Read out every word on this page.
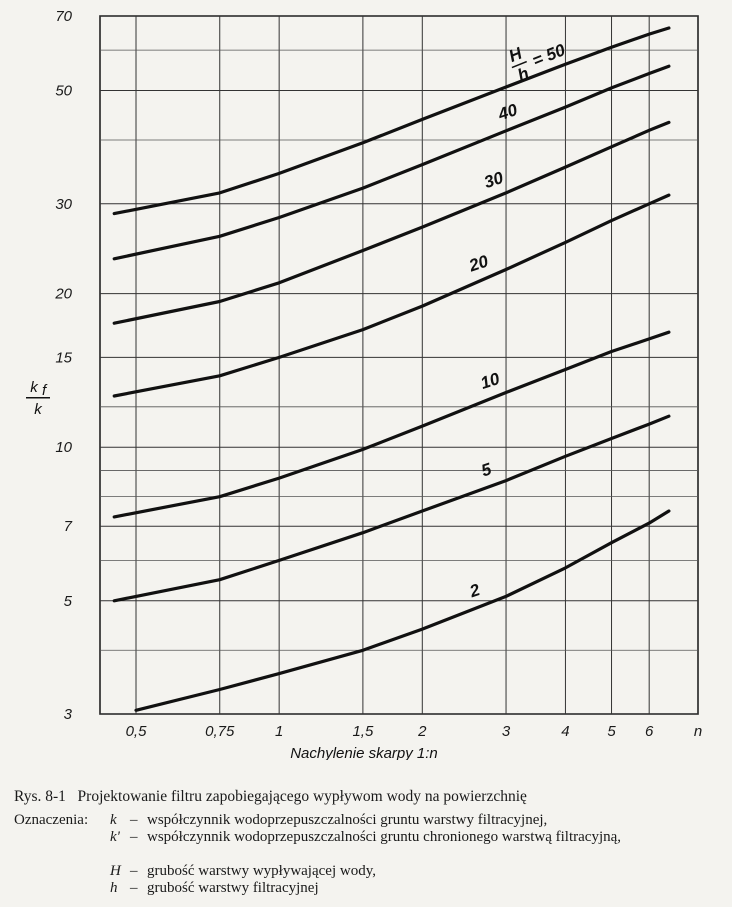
0,5	0,75	1	1,5	2	3	4	5 6	n
3
5
7
10
15
20
30
50
70
H
h
= 50
40
30
20
10
5
2
k f
k
Nachylenie skarpy 1:n
Rys. 8-1 Projektowanie filtru zapobiegającego wypływom wody na powierzchnię
Oznaczenia: k – współczynnik wodoprzepuszczalności gruntu warstwy filtracyjnej,
k' – współczynnik wodoprzepuszczalności gruntu chronionego warstwą filtracyjną,
H – grubość warstwy wypływającej wody,
h – grubość warstwy filtracyjnej
